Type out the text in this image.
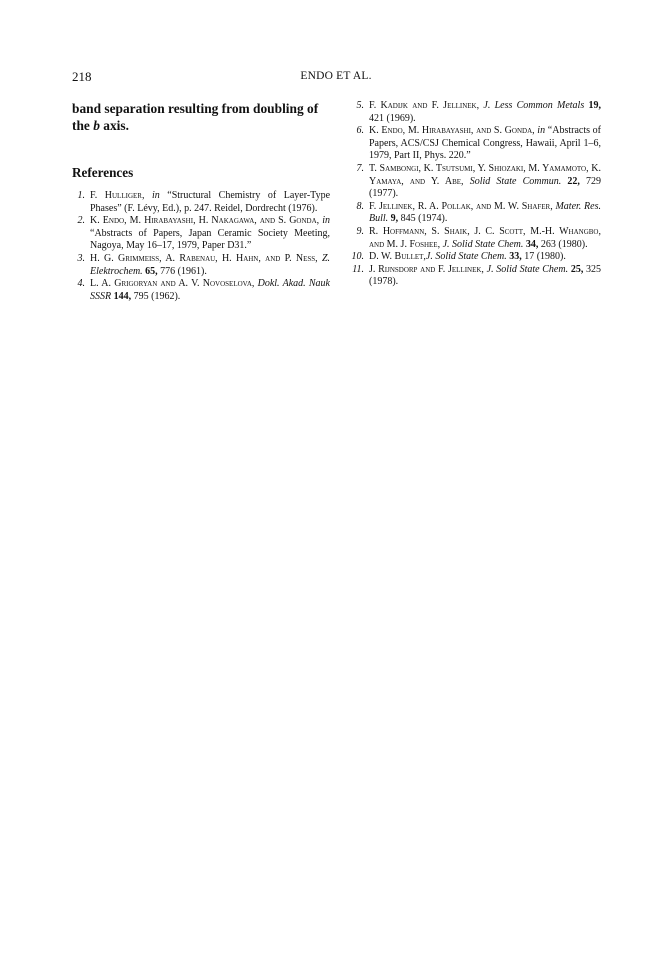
218	ENDO ET AL.

band separation resulting from doubling of the b axis.

References
1. F. Hulliger, in “Structural Chemistry of Layer-Type Phases” (F. Lévy, Ed.), p. 247. Reidel, Dordrecht (1976).
2. K. Endo, M. Hirabayashi, H. Nakagawa, and S. Gonda, in “Abstracts of Papers, Japan Ceramic Society Meeting, Nagoya, May 16–17, 1979, Paper D31.”
3. H. G. Grimmeiss, A. Rabenau, H. Hahn, and P. Ness, Z. Elektrochem. 65, 776 (1961).
4. L. A. Grigoryan and A. V. Novoselova, Dokl. Akad. Nauk SSSR 144, 795 (1962).
5. F. Kadijk and F. Jellinek, J. Less Common Metals 19, 421 (1969).
6. K. Endo, M. Hirabayashi, and S. Gonda, in “Abstracts of Papers, ACS/CSJ Chemical Congress, Hawaii, April 1–6, 1979, Part II, Phys. 220.”
7. T. Sambongi, K. Tsutsumi, Y. Shiozaki, M. Yamamoto, K. Yamaya, and Y. Abe, Solid State Commun. 22, 729 (1977).
8. F. Jellinek, R. A. Pollak, and M. W. Shafer, Mater. Res. Bull. 9, 845 (1974).
9. R. Hoffmann, S. Shaik, J. C. Scott, M.-H. Whangbo, and M. J. Foshee, J. Solid State Chem. 34, 263 (1980).
10. D. W. Bullet,J. Solid State Chem. 33, 17 (1980).
11. J. Rijnsdorp and F. Jellinek, J. Solid State Chem. 25, 325 (1978).
